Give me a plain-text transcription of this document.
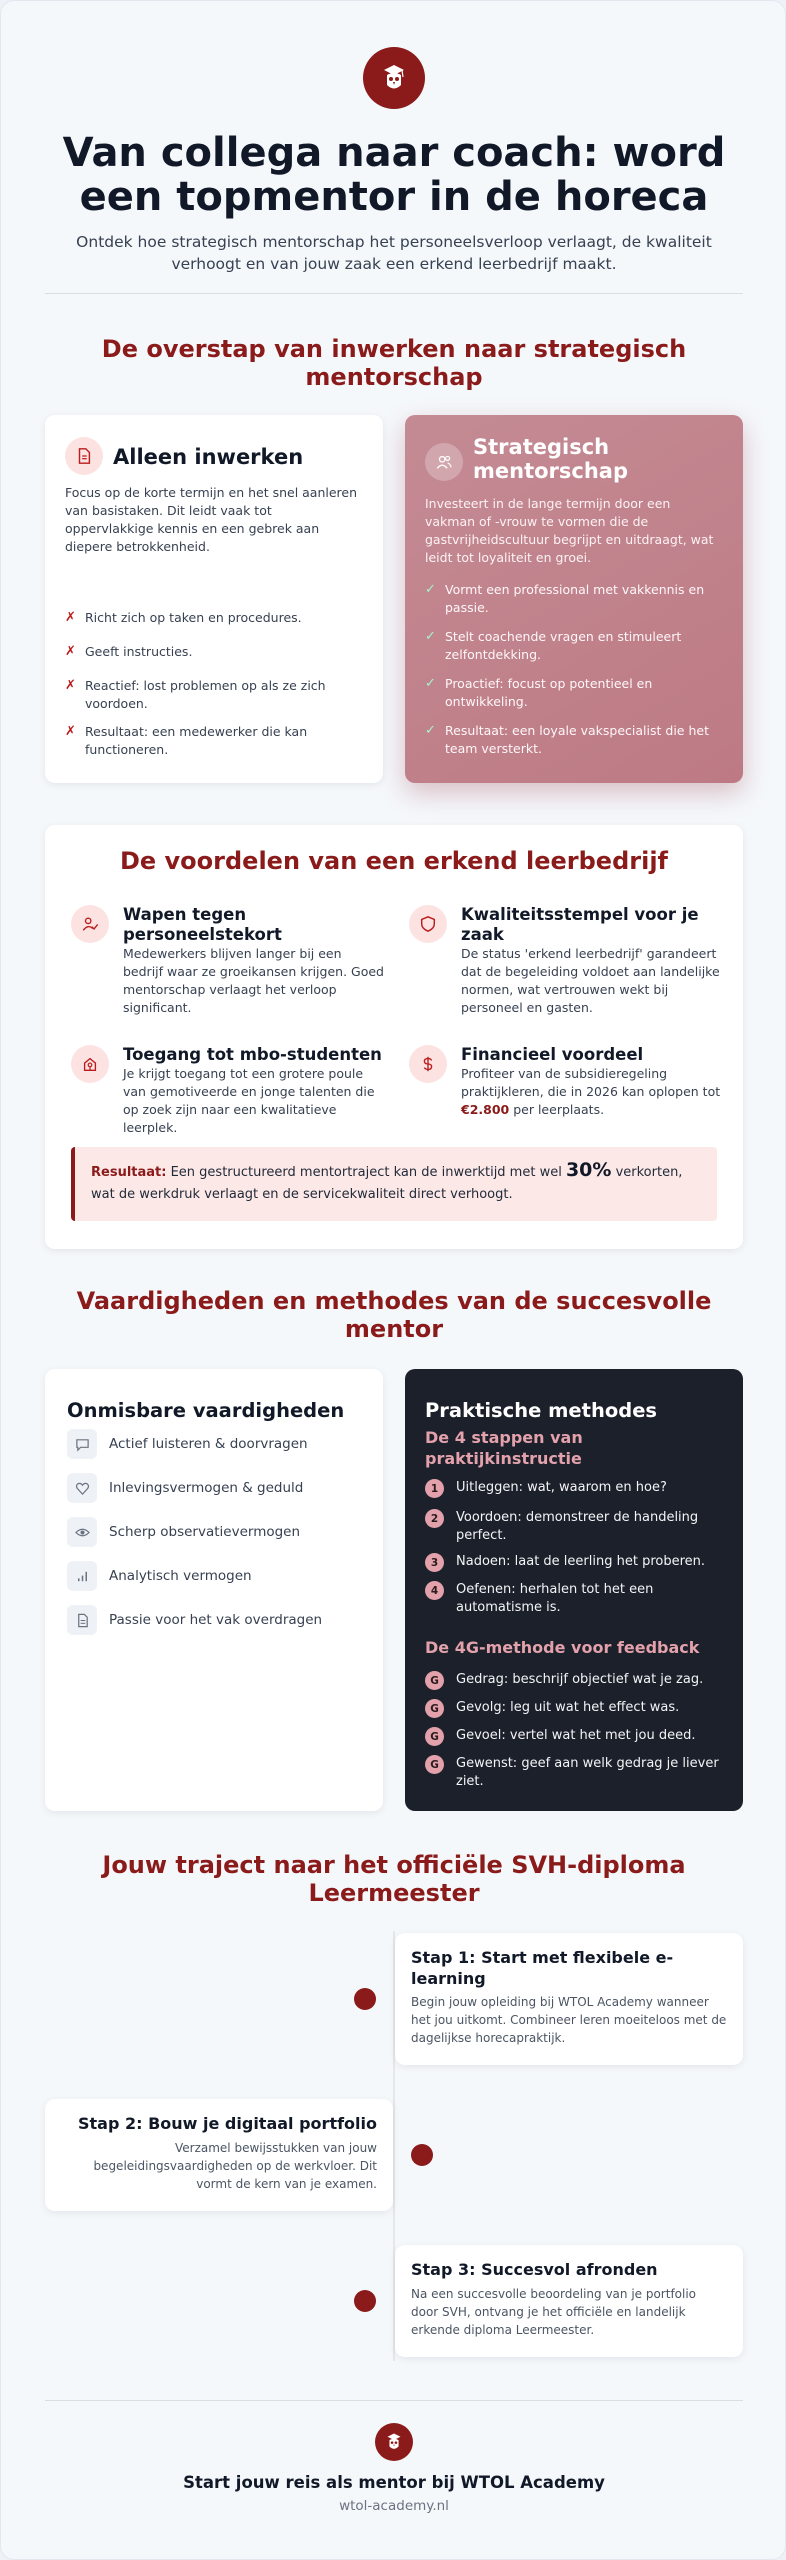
Van collega naar coach: word een topmentor in de horeca
Ontdek hoe strategisch mentorschap het personeelsverloop verlaagt, de kwaliteit verhoogt en van jouw zaak een erkend leerbedrijf maakt.
De overstap van inwerken naar strategisch mentorschap
Alleen inwerken
Focus op de korte termijn en het snel aanleren van basistaken. Dit leidt vaak tot oppervlakkige kennis en een gebrek aan diepere betrokkenheid.
✗ Richt zich op taken en procedures.
✗ Geeft instructies.
✗ Reactief: lost problemen op als ze zich voordoen.
✗ Resultaat: een medewerker die kan functioneren.
Strategisch mentorschap
Investeert in de lange termijn door een vakman of -vrouw te vormen die de gastvrijheidscultuur begrijpt en uitdraagt, wat leidt tot loyaliteit en groei.
✓ Vormt een professional met vakkennis en passie.
✓ Stelt coachende vragen en stimuleert zelfontdekking.
✓ Proactief: focust op potentieel en ontwikkeling.
✓ Resultaat: een loyale vakspecialist die het team versterkt.
De voordelen van een erkend leerbedrijf
Wapen tegen personeelstekort
Medewerkers blijven langer bij een bedrijf waar ze groeikansen krijgen. Goed mentorschap verlaagt het verloop significant.
Kwaliteitsstempel voor je zaak
De status 'erkend leerbedrijf' garandeert dat de begeleiding voldoet aan landelijke normen, wat vertrouwen wekt bij personeel en gasten.
Toegang tot mbo-studenten
Je krijgt toegang tot een grotere poule van gemotiveerde en jonge talenten die op zoek zijn naar een kwalitatieve leerplek.
Financieel voordeel
Profiteer van de subsidieregeling praktijkleren, die in 2026 kan oplopen tot €2.800 per leerplaats.
Resultaat: Een gestructureerd mentortraject kan de inwerktijd met wel 30% verkorten, wat de werkdruk verlaagt en de servicekwaliteit direct verhoogt.
Vaardigheden en methodes van de succesvolle mentor
Onmisbare vaardigheden
Actief luisteren & doorvragen
Inlevingsvermogen & geduld
Scherp observatievermogen
Analytisch vermogen
Passie voor het vak overdragen
Praktische methodes
De 4 stappen van praktijkinstructie
1	Uitleggen: wat, waarom en hoe?
2	Voordoen: demonstreer de handeling perfect.
3	Nadoen: laat de leerling het proberen.
4	Oefenen: herhalen tot het een automatisme is.
De 4G-methode voor feedback
G	Gedrag: beschrijf objectief wat je zag.
G	Gevolg: leg uit wat het effect was.
G	Gevoel: vertel wat het met jou deed.
G	Gewenst: geef aan welk gedrag je liever ziet.
Jouw traject naar het officiële SVH-diploma Leermeester
Stap 1: Start met flexibele e-learning
Begin jouw opleiding bij WTOL Academy wanneer het jou uitkomt. Combineer leren moeiteloos met de dagelijkse horecapraktijk.
Stap 2: Bouw je digitaal portfolio
Verzamel bewijsstukken van jouw begeleidingsvaardigheden op de werkvloer. Dit vormt de kern van je examen.
Stap 3: Succesvol afronden
Na een succesvolle beoordeling van je portfolio door SVH, ontvang je het officiële en landelijk erkende diploma Leermeester.
Start jouw reis als mentor bij WTOL Academy
wtol-academy.nl
